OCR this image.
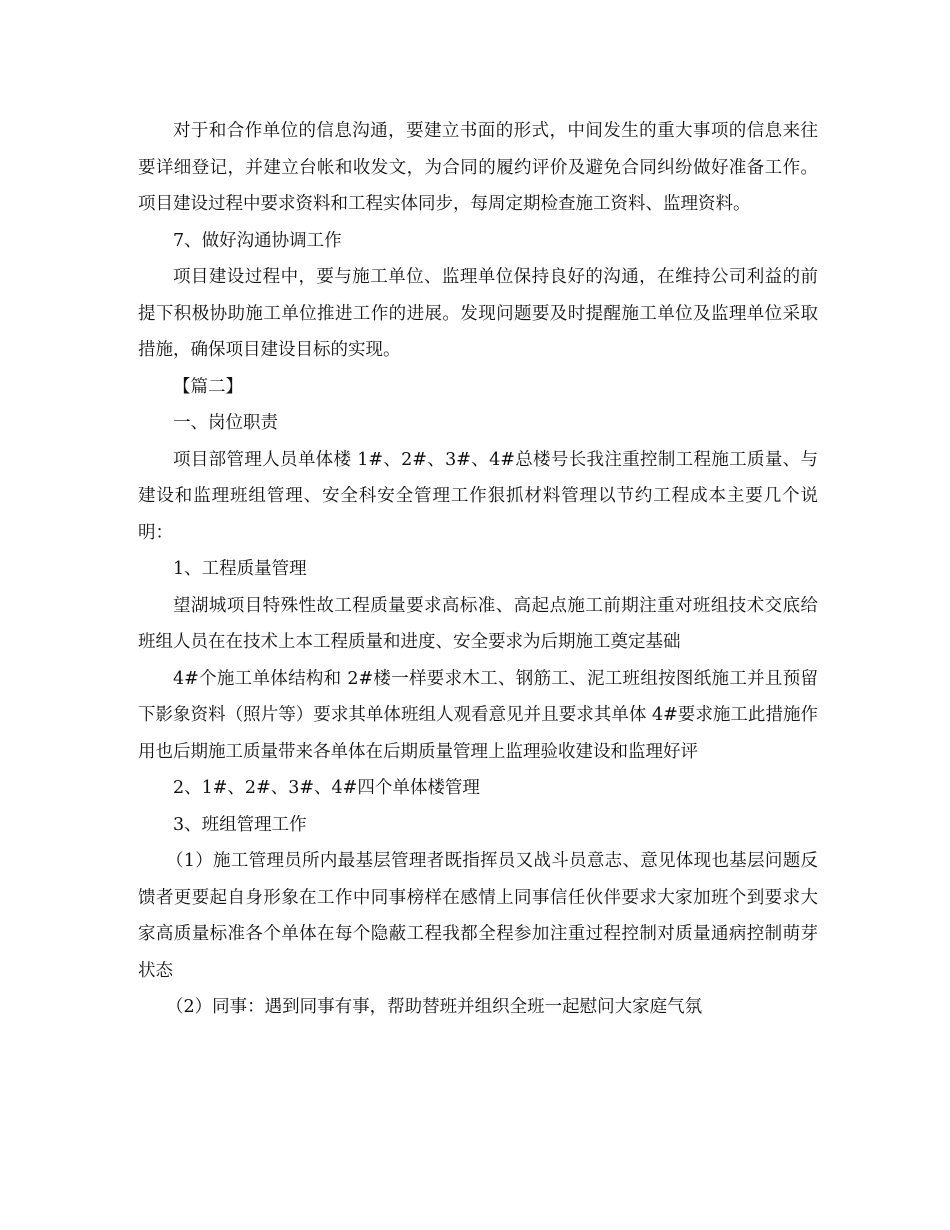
对于和合作单位的信息沟通，要建立书面的形式，中间发生的重大事项的信息来往要详细登记，并建立台帐和收发文，为合同的履约评价及避免合同纠纷做好准备工作。项目建设过程中要求资料和工程实体同步，每周定期检查施工资料、监理资料。

7、做好沟通协调工作

项目建设过程中，要与施工单位、监理单位保持良好的沟通，在维持公司利益的前提下积极协助施工单位推进工作的进展。发现问题要及时提醒施工单位及监理单位采取措施，确保项目建设目标的实现。

【篇二】

一、岗位职责

项目部管理人员单体楼 1#、2#、3#、4#总楼号长我注重控制工程施工质量、与建设和监理班组管理、安全科安全管理工作狠抓材料管理以节约工程成本主要几个说明：

1、工程质量管理

望湖城项目特殊性故工程质量要求高标准、高起点施工前期注重对班组技术交底给班组人员在在技术上本工程质量和进度、安全要求为后期施工奠定基础

4#个施工单体结构和 2#楼一样要求木工、钢筋工、泥工班组按图纸施工并且预留下影象资料（照片等）要求其单体班组人观看意见并且要求其单体 4#要求施工此措施作用也后期施工质量带来各单体在后期质量管理上监理验收建设和监理好评

2、1#、2#、3#、4#四个单体楼管理

3、班组管理工作

（1）施工管理员所内最基层管理者既指挥员又战斗员意志、意见体现也基层问题反馈者更要起自身形象在工作中同事榜样在感情上同事信任伙伴要求大家加班个到要求大家高质量标准各个单体在每个隐蔽工程我都全程参加注重过程控制对质量通病控制萌芽状态

（2）同事：遇到同事有事，帮助替班并组织全班一起慰问大家庭气氛
